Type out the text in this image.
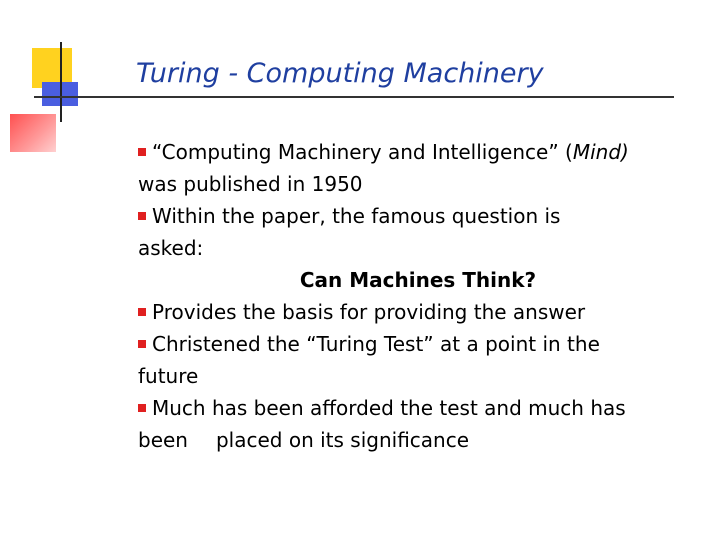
Turing - Computing Machinery

“Computing Machinery and Intelligence” (Mind)
was published in 1950

Within the paper, the famous question is
asked:

Can Machines Think?

Provides the basis for providing the answer

Christened the “Turing Test” at a point in the
future

Much has been afforded the test and much has
been placed on its significance
